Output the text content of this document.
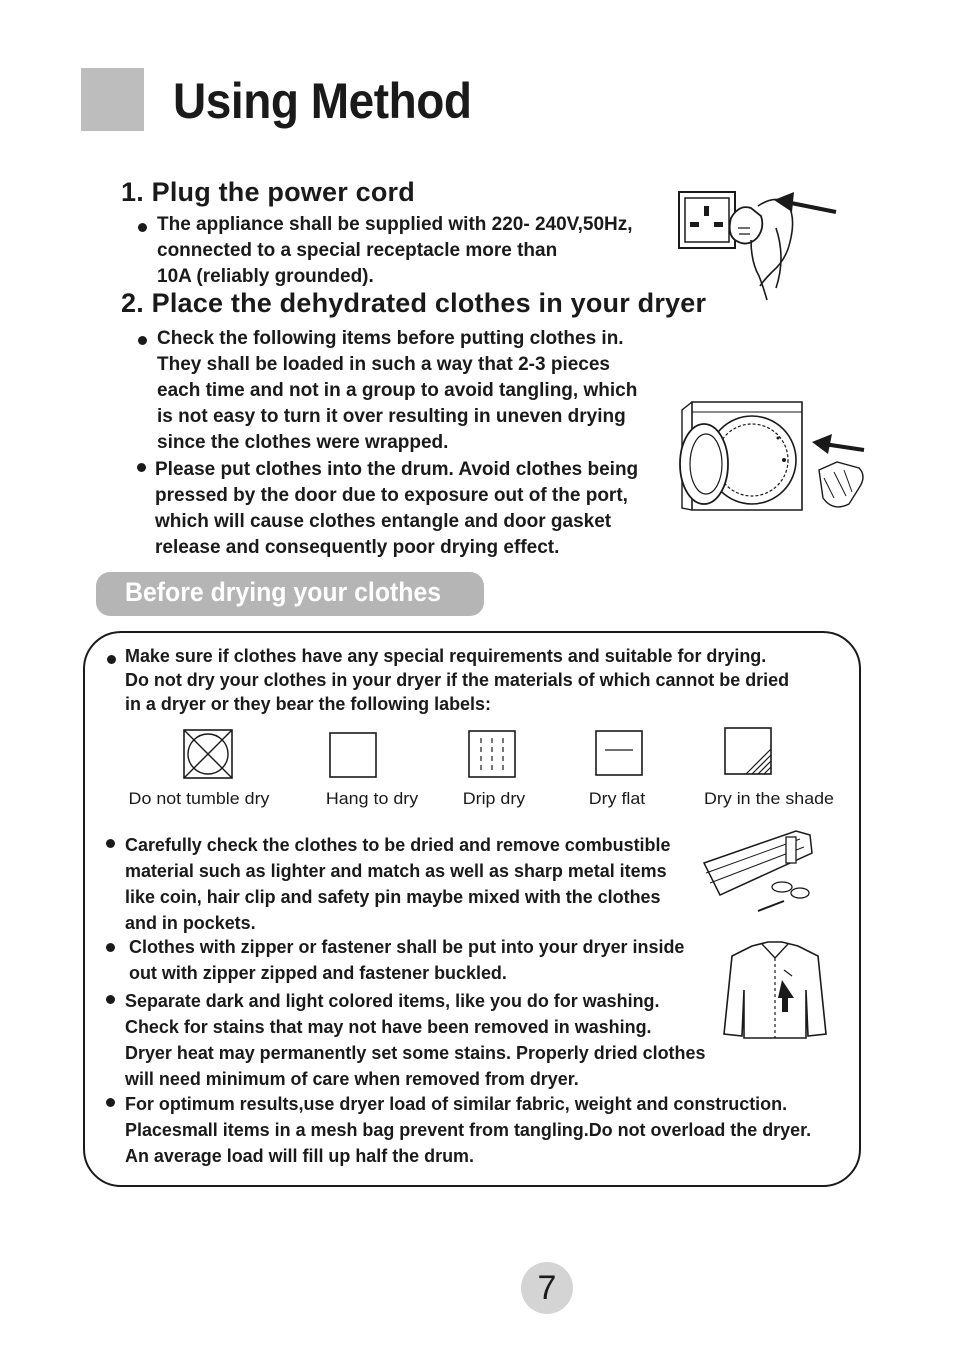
Using Method
1. Plug the power cord
The appliance shall be supplied with 220- 240V,50Hz,
connected to a special receptacle more than
10A (reliably grounded).
2. Place the dehydrated clothes in your dryer
Check the following items before putting clothes in.
They shall be loaded in such a way that 2-3 pieces
each time and not in a group to avoid tangling, which
is not easy to turn it over resulting in uneven drying
since the clothes were wrapped.
Please put clothes into the drum. Avoid clothes being
pressed by the door due to exposure out of the port,
which will cause clothes entangle and door gasket
release and consequently poor drying effect.
Before drying your clothes
Make sure if clothes have any special requirements and suitable for drying.
Do not dry your clothes in your dryer if the materials of which cannot be dried
in a dryer or they bear the following labels:
Do not tumble dry	Hang to dry	Drip dry	Dry flat	Dry in the shade
Carefully check the clothes to be dried and remove combustible
material such as lighter and match as well as sharp metal items
like coin, hair clip and safety pin maybe mixed with the clothes
and in pockets.
Clothes with zipper or fastener shall be put into your dryer inside
out with zipper zipped and fastener buckled.
Separate dark and light colored items, like you do for washing.
Check for stains that may not have been removed in washing.
Dryer heat may permanently set some stains. Properly dried clothes
will need minimum of care when removed from dryer.
For optimum results,use dryer load of similar fabric, weight and construction.
Placesmall items in a mesh bag prevent from tangling.Do not overload the dryer.
An average load will fill up half the drum.
7
